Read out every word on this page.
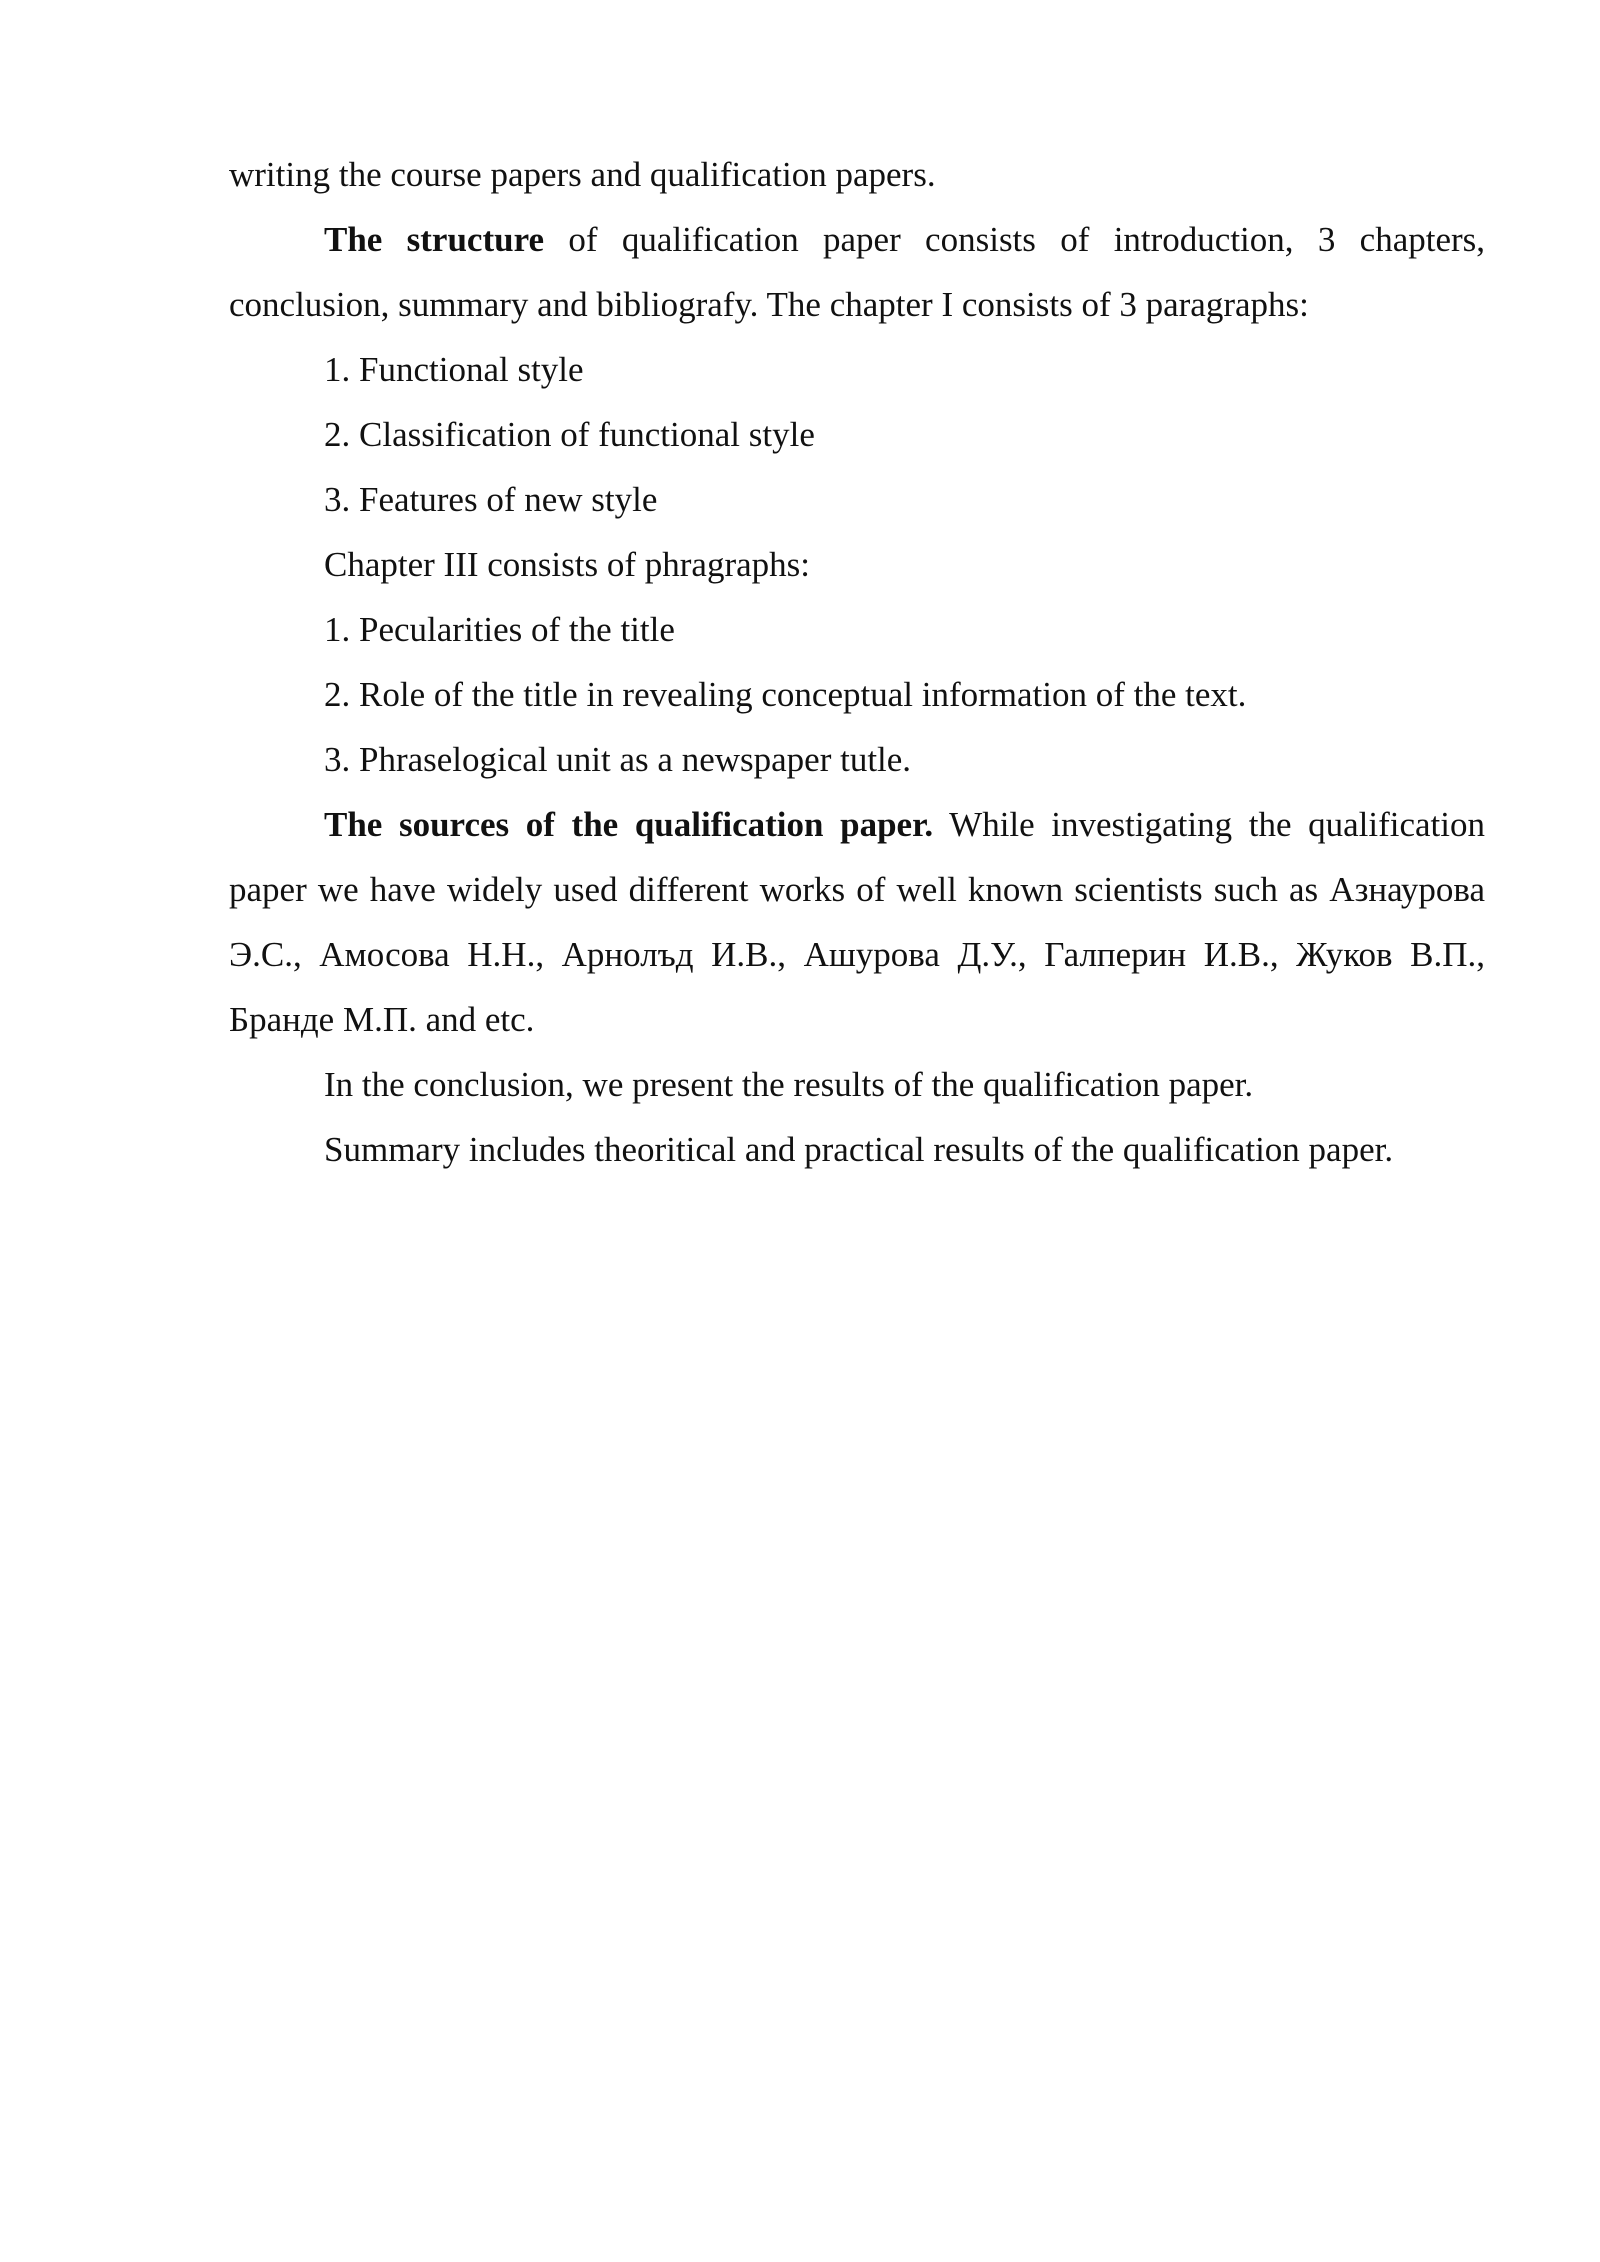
writing the course papers and qualification papers.

The structure of qualification paper consists of introduction, 3 chapters, conclusion, summary and bibliografy. The chapter I consists of 3 paragraphs:

1. Functional style

2. Classification of functional style

3. Features of new style

Chapter III consists of phragraphs:

1. Pecularities of the title

2. Role of the title in revealing conceptual information of the text.

3. Phraselogical unit as a newspaper tutle.

The sources of the qualification paper. While investigating the qualification paper we have widely used different works of well known scientists such as Азнаурова Э.С., Амосова Н.Н., Арнолъд И.В., Ашурова Д.У., Галперин И.В., Жуков В.П., Бранде М.П. and etc.

In the conclusion, we present the results of the qualification paper.

Summary includes theoritical and practical results of the qualification paper.
